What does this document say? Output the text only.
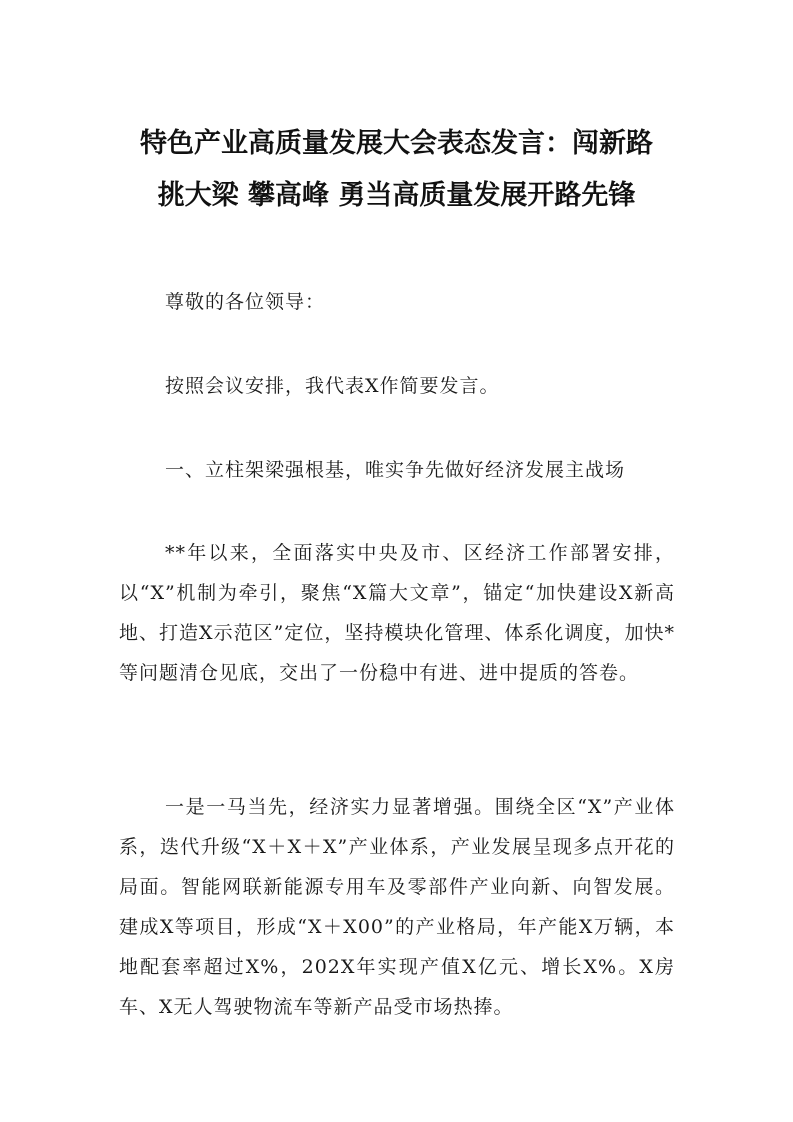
特色产业高质量发展大会表态发言：闯新路
挑大梁 攀高峰 勇当高质量发展开路先锋

尊敬的各位领导：

按照会议安排，我代表X作简要发言。

一、立柱架梁强根基，唯实争先做好经济发展主战场

**年以来，全面落实中央及市、区经济工作部署安排，以“X”机制为牵引，聚焦“X篇大文章”，锚定“加快建设X新高地、打造X示范区”定位，坚持模块化管理、体系化调度，加快*等问题清仓见底，交出了一份稳中有进、进中提质的答卷。

一是一马当先，经济实力显著增强。围绕全区“X”产业体系，迭代升级“X＋X＋X”产业体系，产业发展呈现多点开花的局面。智能网联新能源专用车及零部件产业向新、向智发展。建成X等项目，形成“X＋X00”的产业格局，年产能X万辆，本地配套率超过X%，202X年实现产值X亿元、增长X%。X房车、X无人驾驶物流车等新产品受市场热捧。
